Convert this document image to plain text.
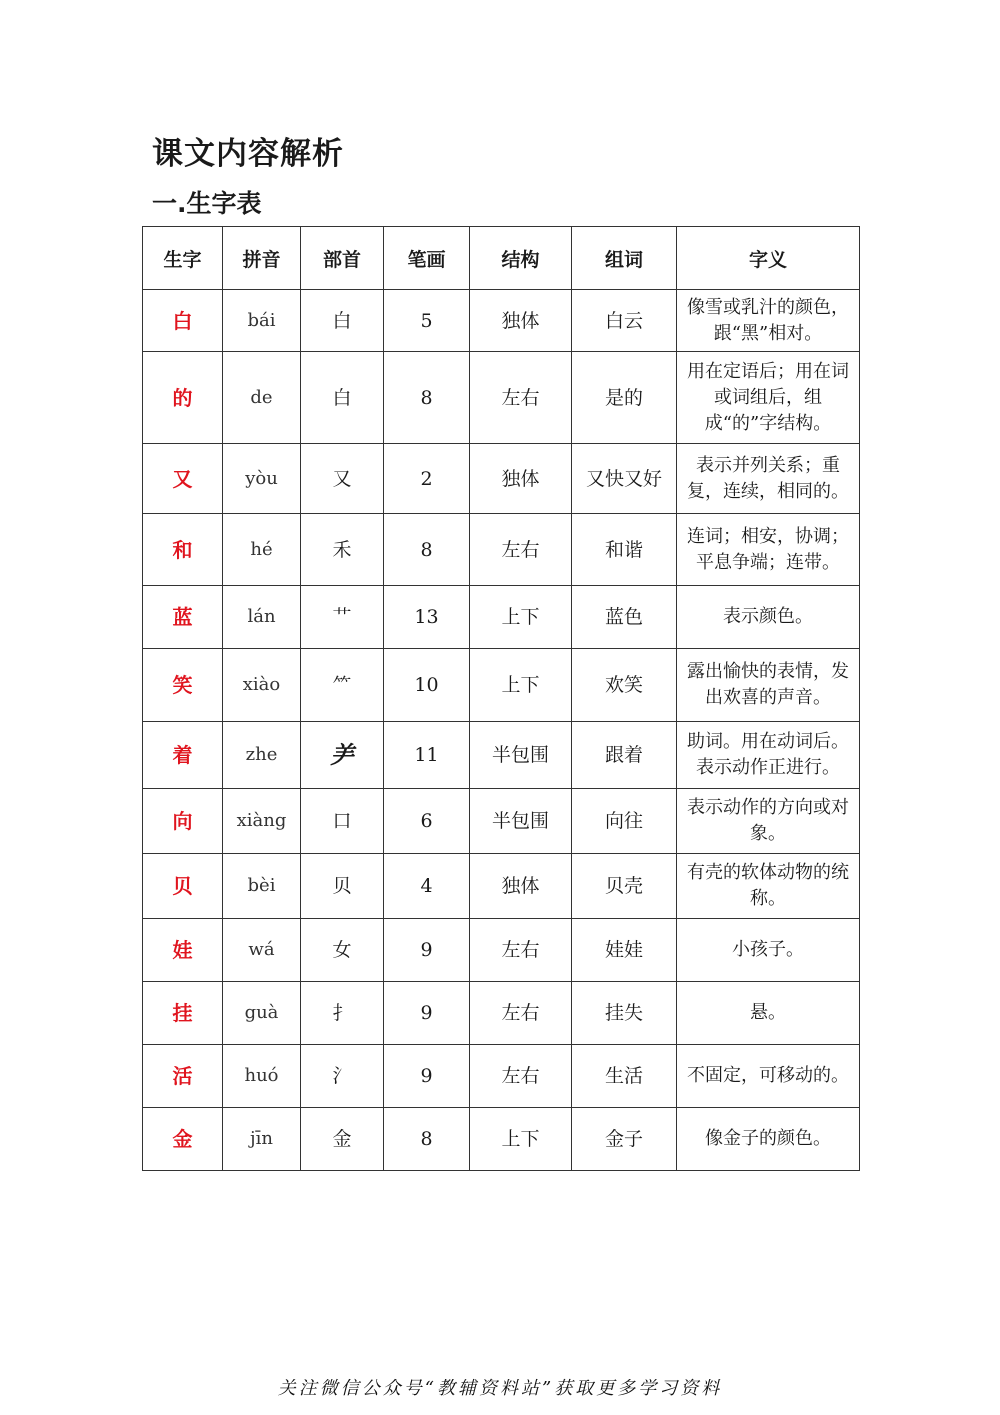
课文内容解析
一.生字表
生字	拼音	部首	笔画	结构	组词	字义
白	bái	白	5	独体	白云	像雪或乳汁的颜色，跟“黑”相对。
的	de	白	8	左右	是的	用在定语后；用在词或词组后，组成“的”字结构。
又	yòu	又	2	独体	又快又好	表示并列关系；重复，连续，相同的。
和	hé	禾	8	左右	和谐	连词；相安，协调；平息争端；连带。
蓝	lán	艹	13	上下	蓝色	表示颜色。
笑	xiào	⺮	10	上下	欢笑	露出愉快的表情，发出欢喜的声音。
着	zhe	⺶	11	半包围	跟着	助词。用在动词后。表示动作正进行。
向	xiàng	口	6	半包围	向往	表示动作的方向或对象。
贝	bèi	贝	4	独体	贝壳	有壳的软体动物的统称。
娃	wá	女	9	左右	娃娃	小孩子。
挂	guà	扌	9	左右	挂失	悬。
活	huó	氵	9	左右	生活	不固定，可移动的。
金	jīn	金	8	上下	金子	像金子的颜色。
关注微信公众号“教辅资料站”获取更多学习资料
